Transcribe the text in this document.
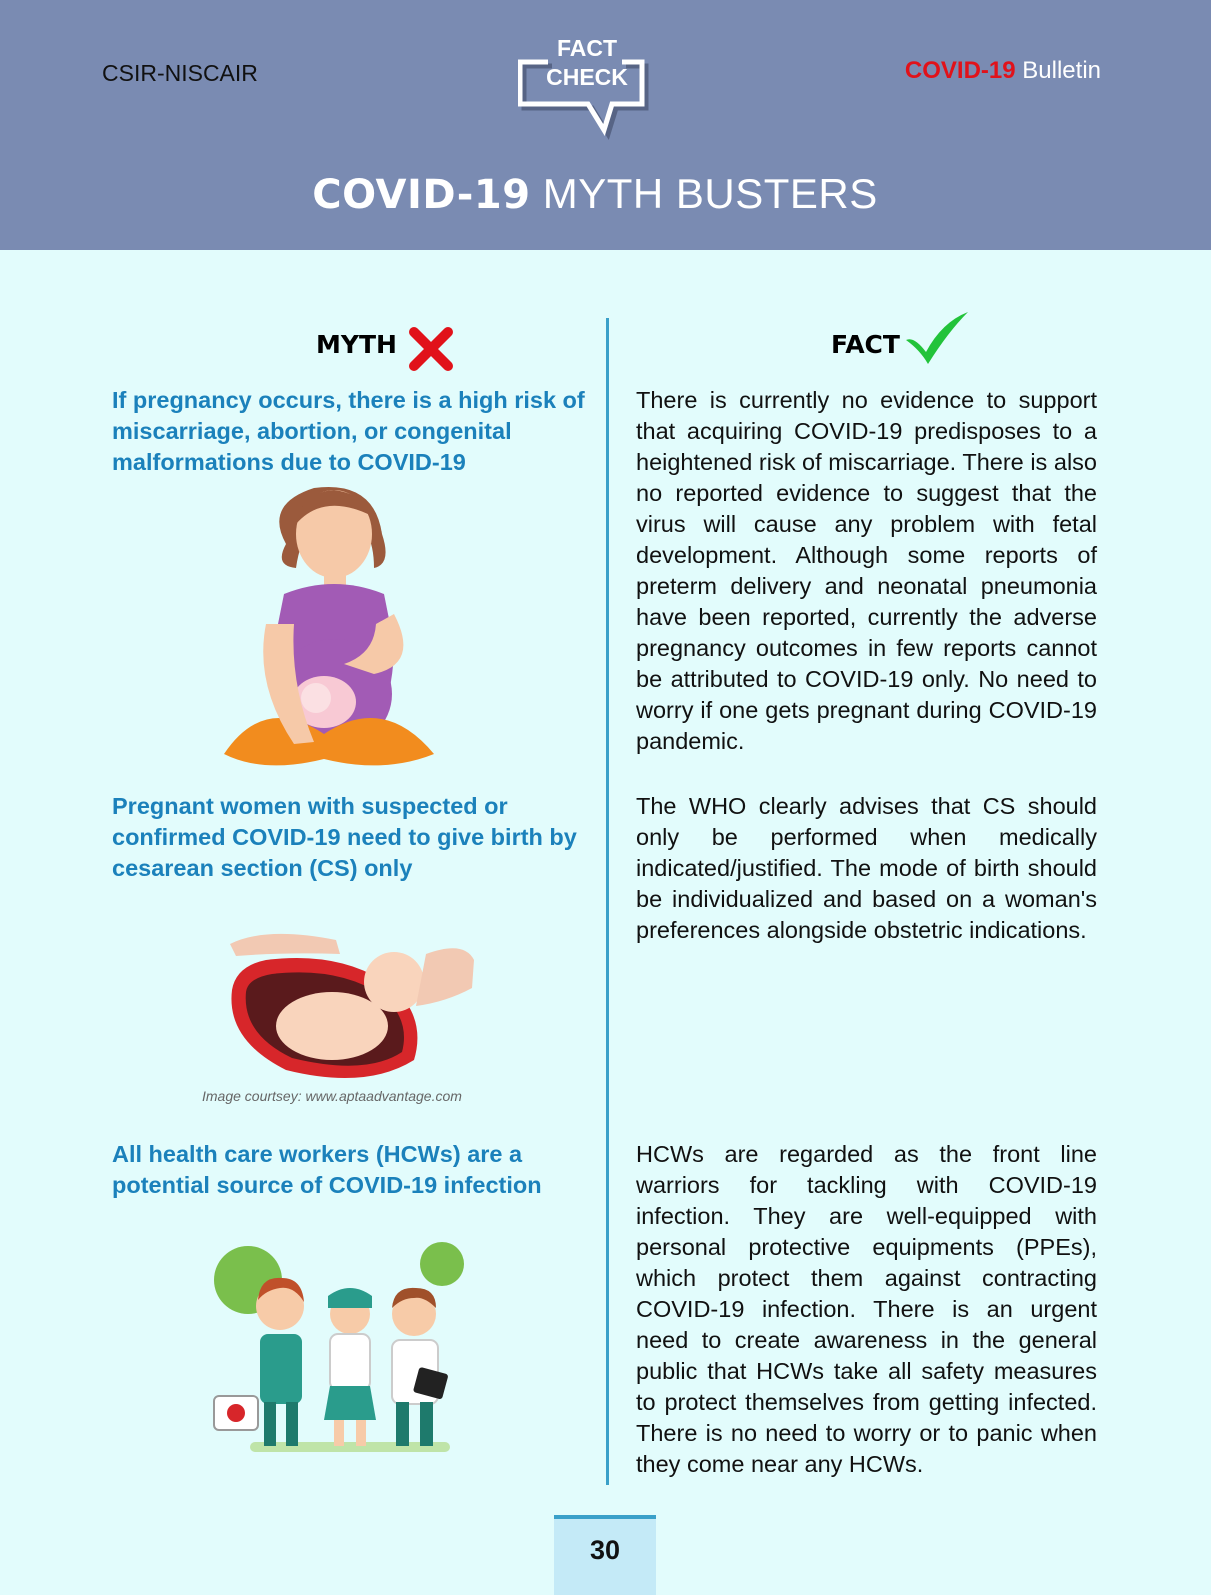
CSIR-NISCAIR
FACT
CHECK	COVID-19 Bulletin
COVID-19 MYTH BUSTERS
MYTH	FACT
If pregnancy occurs, there is a high risk of miscarriage, abortion, or congenital malformations due to COVID-19
There is currently no evidence to support that acquiring COVID-19 predisposes to a heightened risk of miscarriage. There is also no reported evidence to suggest that the virus will cause any problem with fetal development. Although some reports of preterm delivery and neonatal pneumonia have been reported, currently the adverse pregnancy outcomes in few reports cannot be attributed to COVID-19 only. No need to worry if one gets pregnant during COVID-19 pandemic.
Pregnant women with suspected or confirmed COVID-19 need to give birth by cesarean section (CS) only
The WHO clearly advises that CS should only be performed when medically indicated/justified. The mode of birth should be individualized and based on a woman's preferences alongside obstetric indications.
Image courtsey: www.aptaadvantage.com
All health care workers (HCWs) are a potential source of COVID-19 infection
HCWs are regarded as the front line warriors for tackling with COVID-19 infection. They are well-equipped with personal protective equipments (PPEs), which protect them against contracting COVID-19 infection. There is an urgent need to create awareness in the general public that HCWs take all safety measures to protect themselves from getting infected. There is no need to worry or to panic when they come near any HCWs.
30
